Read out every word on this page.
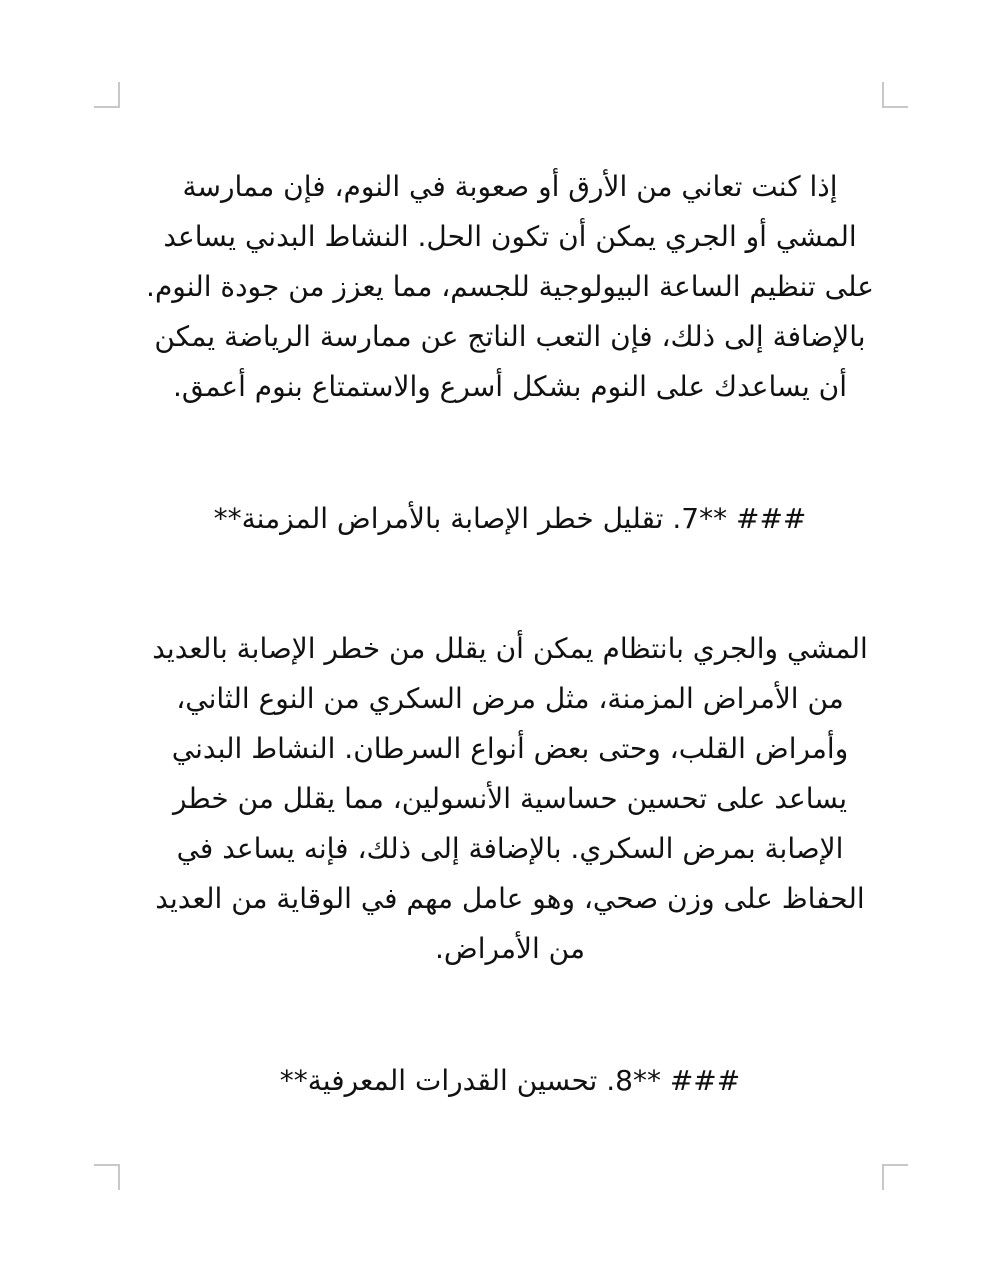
إذا كنت تعاني من الأرق أو صعوبة في النوم، فإن ممارسة المشي أو الجري يمكن أن تكون الحل. النشاط البدني يساعد على تنظيم الساعة البيولوجية للجسم، مما يعزز من جودة النوم. بالإضافة إلى ذلك، فإن التعب الناتج عن ممارسة الرياضة يمكن أن يساعدك على النوم بشكل أسرع والاستمتاع بنوم أعمق.

### **7. تقليل خطر الإصابة بالأمراض المزمنة**

المشي والجري بانتظام يمكن أن يقلل من خطر الإصابة بالعديد من الأمراض المزمنة، مثل مرض السكري من النوع الثاني، وأمراض القلب، وحتى بعض أنواع السرطان. النشاط البدني يساعد على تحسين حساسية الأنسولين، مما يقلل من خطر الإصابة بمرض السكري. بالإضافة إلى ذلك، فإنه يساعد في الحفاظ على وزن صحي، وهو عامل مهم في الوقاية من العديد من الأمراض.

### **8. تحسين القدرات المعرفية**
